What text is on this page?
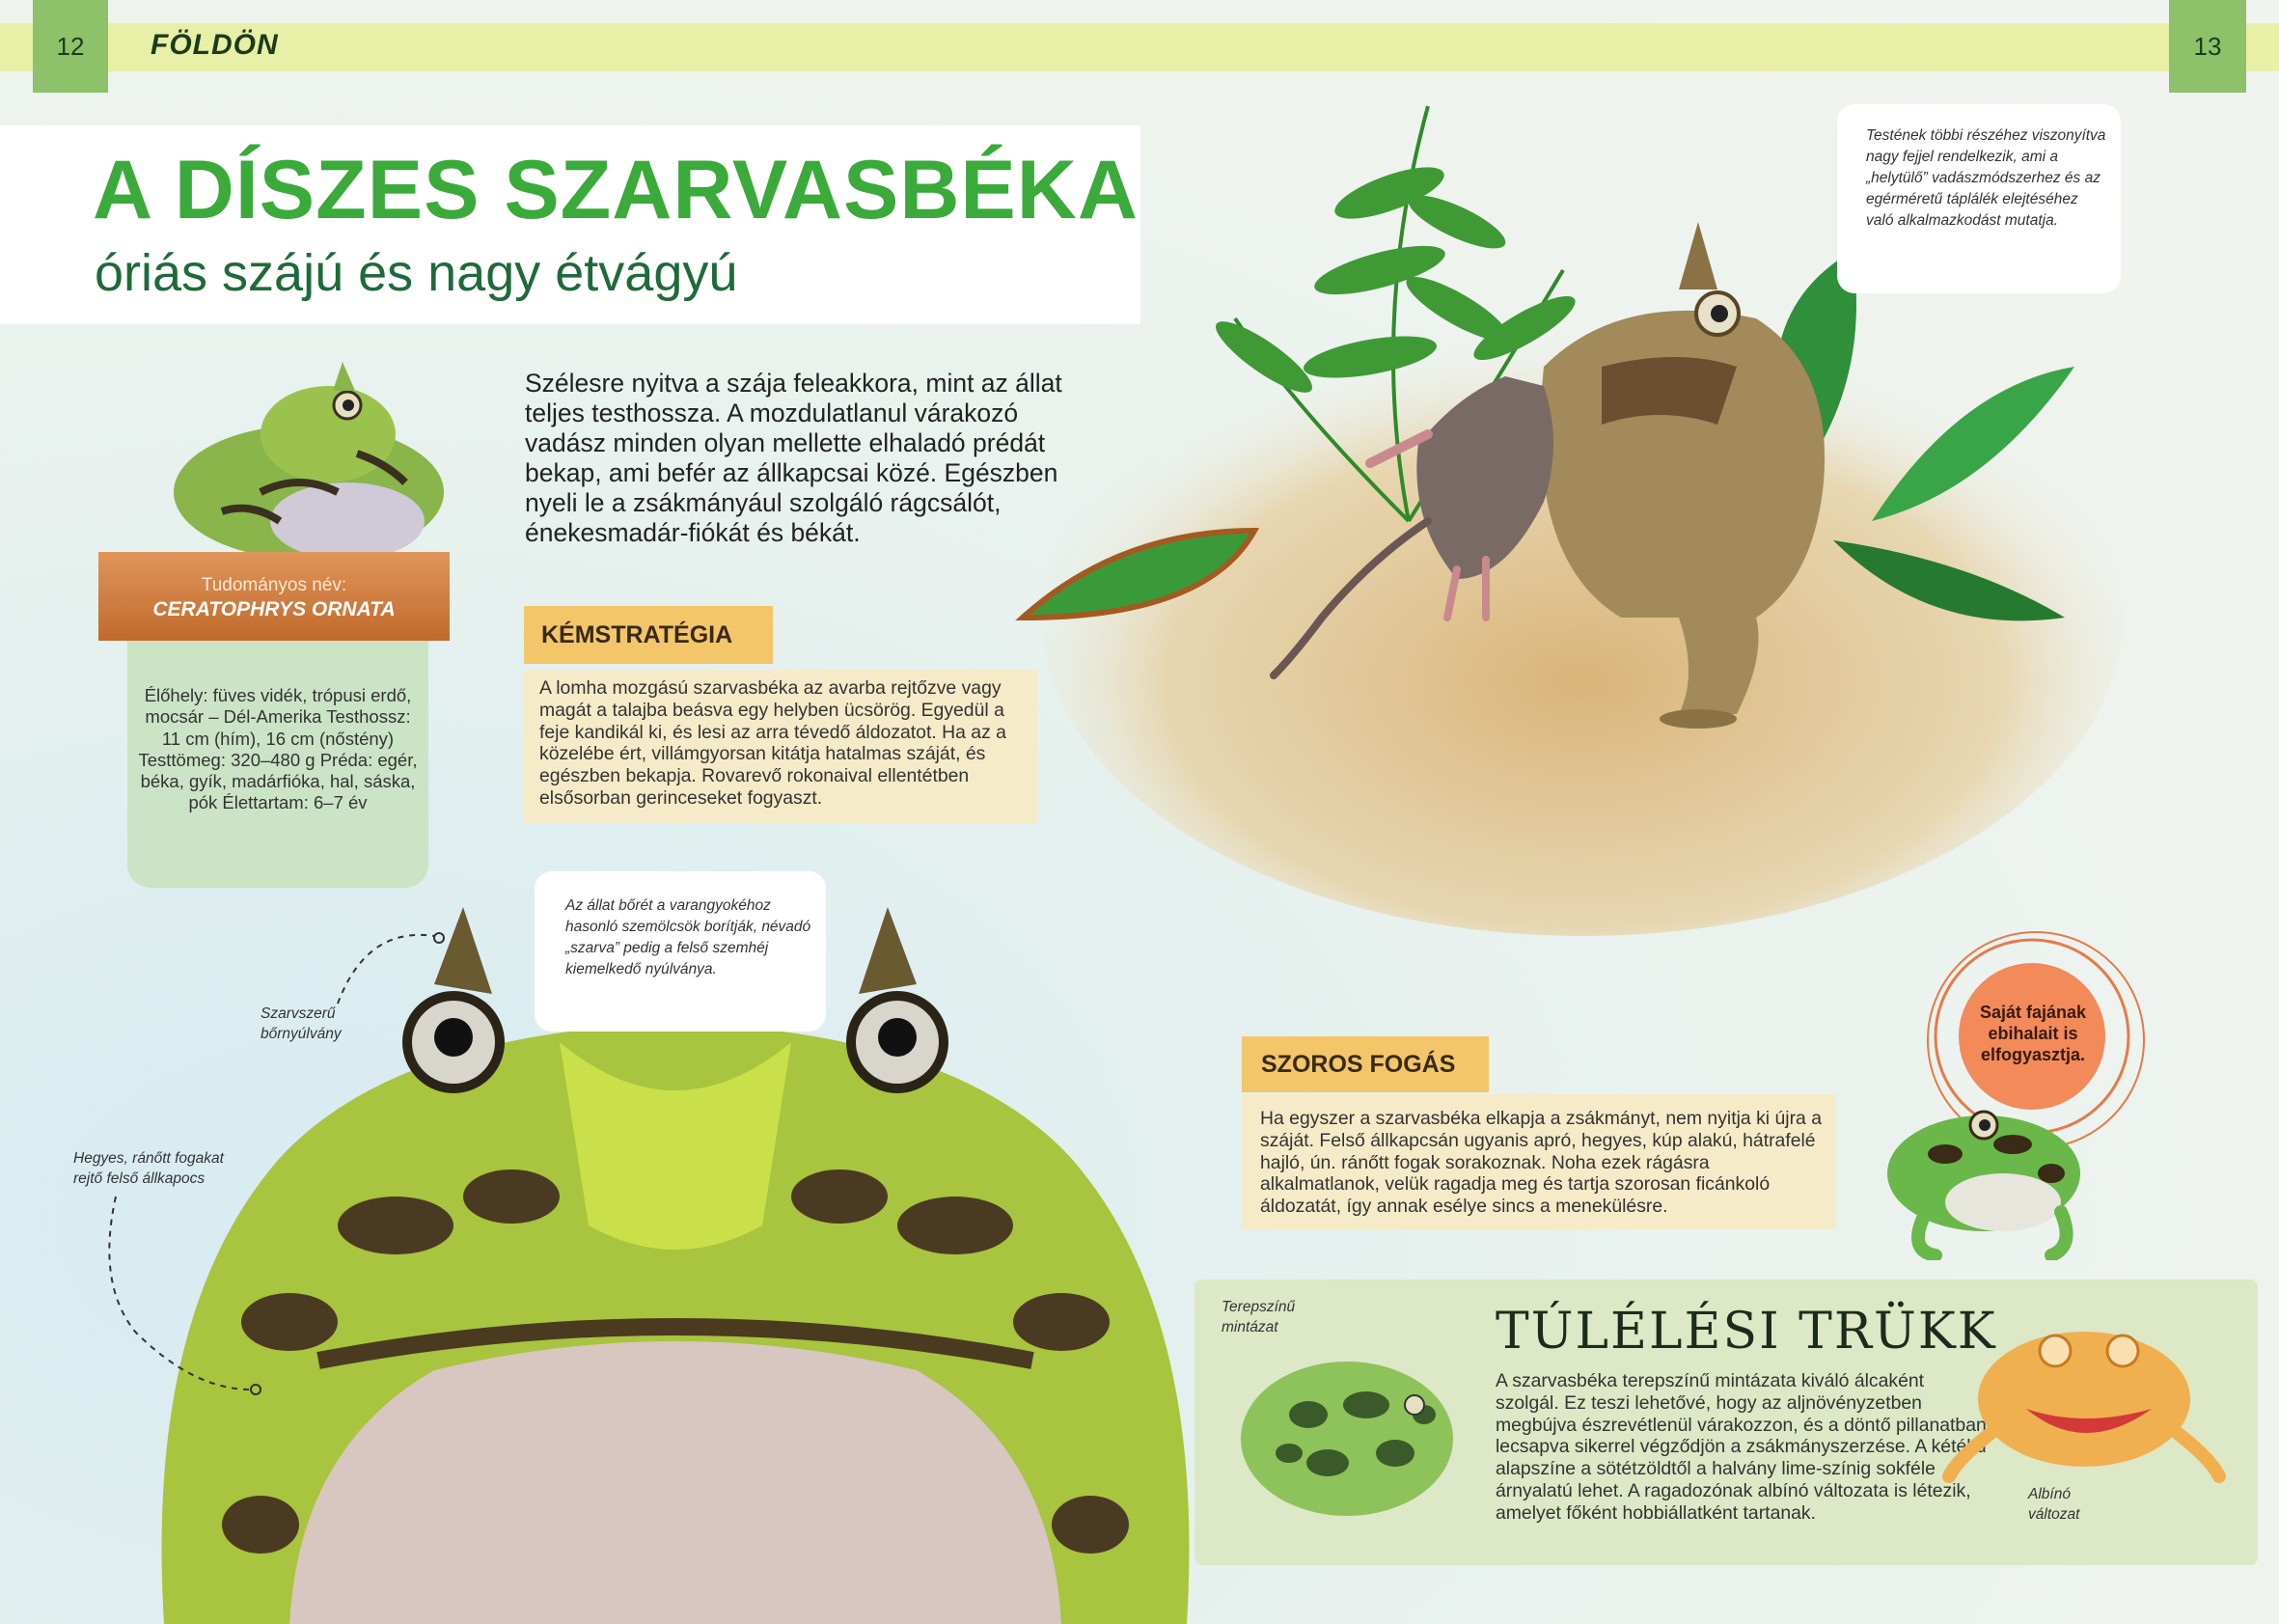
12	13
FÖLDÖN
A DÍSZES SZARVASBÉKA
óriás szájú és nagy étvágyú
Szélesre nyitva a szája feleakkora, mint az állat teljes testhossza. A mozdulatlanul várakozó vadász minden olyan mellette elhaladó prédát bekap, ami befér az állkapcsai közé. Egészben nyeli le a zsákmányául szolgáló rágcsálót, énekesmadár-fiókát és békát.
Testének többi részéhez viszonyítva nagy fejjel rendelkezik, ami a „helytülő” vadászmódszerhez és az egérméretű táplálék elejtéséhez való alkalmazkodást mutatja.
Tudományos név:
CERATOPHRYS ORNATA
Élőhely: füves vidék, trópusi erdő, mocsár – Dél-Amerika Testhossz: 11 cm (hím), 16 cm (nőstény) Testtömeg: 320–480 g Préda: egér, béka, gyík, madárfióka, hal, sáska, pók Élettartam: 6–7 év
KÉMSTRATÉGIA
A lomha mozgású szarvasbéka az avarba rejtőzve vagy magát a talajba beásva egy helyben ücsörög. Egyedül a feje kandikál ki, és lesi az arra tévedő áldozatot. Ha az a közelébe ért, villámgyorsan kitátja hatalmas száját, és egészben bekapja. Rovarevő rokonaival ellentétben elsősorban gerinceseket fogyaszt.
Az állat bőrét a varangyokéhoz hasonló szemölcsök borítják, névadó „szarva” pedig a felső szemhéj kiemelkedő nyúlványa.
Szarvszerű bőrnyúlvány
Hegyes, ránőtt fogakat rejtő felső állkapocs
Saját fajának ebihalait is elfogyasztja.
SZOROS FOGÁS
Ha egyszer a szarvasbéka elkapja a zsákmányt, nem nyitja ki újra a száját. Felső állkapcsán ugyanis apró, hegyes, kúp alakú, hátrafelé hajló, ún. ránőtt fogak sorakoznak. Noha ezek rágásra alkalmatlanok, velük ragadja meg és tartja szorosan ficánkoló áldozatát, így annak esélye sincs a menekülésre.
TÚLÉLÉSI TRÜKK
A szarvasbéka terepszínű mintázata kiváló álcaként szolgál. Ez teszi lehetővé, hogy az aljnövényzetben megbújva észrevétlenül várakozzon, és a döntő pillanatban lecsapva sikerrel végződjön a zsákmányszerzése. A kétéltű alapszíne a sötétzöldtől a halvány lime-színig sokféle árnyalatú lehet. A ragadozónak albínó változata is létezik, amelyet főként hobbiállatként tartanak.
Terepszínű mintázat
Albínó változat
